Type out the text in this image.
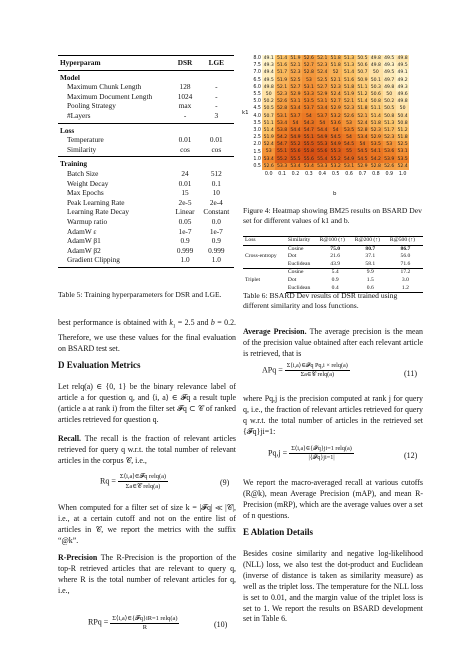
Hyperparam	DSR	LGE
Model		
Maximum Chunk Length	128	-
Maximum Document Length	1024	-
Pooling Strategy	max	-
#Layers	-	3
Loss		
Temperature	0.01	0.01
Similarity	cos	cos
Training		
Batch Size	24	512
Weight Decay	0.01	0.1
Max Epochs	15	10
Peak Learning Rate	2e-5	2e-4
Learning Rate Decay	Linear	Constant
Warmup ratio	0.05	0.0
AdamW ε	1e-7	1e-7
AdamW β1	0.9	0.9
AdamW β2	0.999	0.999
Gradient Clipping	1.0	1.0
Table 5: Training hyperparameters for DSR and LGE.
best performance is obtained with $k_1 = 2.5$ and b = 0.2. Therefore, we use these values for the final evaluation on BSARD test set.
D Evaluation Metrics
Let relq(a) ∈ {0, 1} be the binary relevance label of article a for question q, and ⟨i, a⟩ ∈ 𝓕q a result tuple (article a at rank i) from the filter set 𝓕q ⊂ 𝒞 of ranked articles retrieved for question q.
Recall. The recall is the fraction of relevant articles retrieved for query q w.r.t. the total number of relevant articles in the corpus 𝒞, i.e.,
$Rq = \frac{\text{Σ⟨i,a⟩∈𝓕q relq(a)}}{\text{Σa∈𝒞 relq(a)}}$	(9)
When computed for a filter set of size k = |𝓕q| ≪ |𝒞|, i.e., at a certain cutoff and not on the entire list of articles in 𝒞, we report the metrics with the suffix “@k”.
R-Precision The R-Precision is the proportion of the top-R retrieved articles that are relevant to query q, where R is the total number of relevant articles for q, i.e.,
RPq = $\frac{\text{Σ⟨i,a⟩∈\{𝓕q\}iR=1 relq(a)}}{R}$	(10)
8.0 49.1 51.4 51.9 52.6 52.1 51.8 51.3 50.5 49.8 49.5 49.8
7.5 49.3 51.6 52.1 52.7 52.3 51.8 51.3 50.6 49.8 49.3 49.5
7.0 49.4 51.7 52.3 52.8 52.4	52	51.4 50.7	50	49.5 49.1
6.5 49.5 51.9 52.5	53	52.5 52.1 51.6 50.9 50.1 49.7 49.2
6.0 49.8 52.1 52.7 53.1 52.7 52.3 51.8 51.1 50.3 49.8 49.3
5.5	50	52.3 52.9 53.3 52.9 52.4 51.9 51.2 50.6	50	49.6
5.0 50.2 52.6 53.1 53.5 53.1 52.7 52.1 51.4 50.8 50.2 49.8
4.5 50.5 52.8 53.4 53.7 53.4 52.9 52.3 51.8 51.1 50.5	50
4.0 50.7 53.1 53.7	54	53.7 53.2 52.6 52.1 51.4 50.8 50.4
3.5 51.1 53.4	54	54.3	54	53.6	53	52.4 51.8 51.3 50.8
3.0 51.4 53.8 54.4 54.7 54.4	54	53.5 52.8 52.3 51.7 51.2
2.5 51.9 54.2 54.9 55.1 54.9 54.5	54	53.4 52.9 52.3 51.8
2.0 52.4 54.7 55.2 55.5 55.3 54.9 54.5	54	53.5	53	52.5
1.5	53	55.1 55.6 55.8 55.6 55.3	55	54.5 54.1 53.6 53.1
1.0 53.4 55.2 55.5 55.6 55.4 55.2 54.9 54.5 54.2 53.9 53.5
0.5 52.6 53.3 53.4 53.4 53.3 53.2 53.1 52.9 52.8 52.6 52.4
0.0	0.1	0.2	0.3	0.4	0.5	0.6	0.7	0.8	0.9	1.0
k1
b
Figure 4: Heatmap showing BM25 results on BSARD Dev set for different values of k1 and b.
Loss	Similarity	R@100 (↑)	R@200 (↑)	R@500 (↑)
Cross-entropy	Cosine	75.0	80.7	86.7
	Dot	21.6	37.1	56.0
	Euclidean	43.9	58.1	71.6
Triplet	Cosine	5.4	9.9	17.2
	Dot	0.9	1.5	3.0
	Euclidean	0.4	0.6	1.2
Table 6: BSARD Dev results of DSR trained using different similarity and loss functions.
Average Precision. The average precision is the mean of the precision value obtained after each relevant article is retrieved, that is
APq = $\frac{\text{Σ⟨i,a⟩∈𝓕q Pq,i × relq(a)}}{\text{Σa∈𝒞 relq(a)}}$	(11)
where Pq,j is the precision computed at rank j for query q, i.e., the fraction of relevant articles retrieved for query q w.r.t. the total number of articles in the retrieved set {𝓕q}ji=1:
$Pq,j = \frac{\text{Σ⟨i,a⟩∈\{𝓕q\}ji=1 relq(a)}}{\text{|\{𝓕q\}ji=1|}}$	(12)
We report the macro-averaged recall at various cutoffs (R@k), mean Average Precision (mAP), and mean R-Precision (mRP), which are the average values over a set of n questions.
E Ablation Details
Besides cosine similarity and negative log-likelihood (NLL) loss, we also test the dot-product and Euclidean (inverse of distance is taken as similarity measure) as well as the triplet loss. The temperature for the NLL loss is set to 0.01, and the margin value of the triplet loss is set to 1. We report the results on BSARD development set in Table 6.
